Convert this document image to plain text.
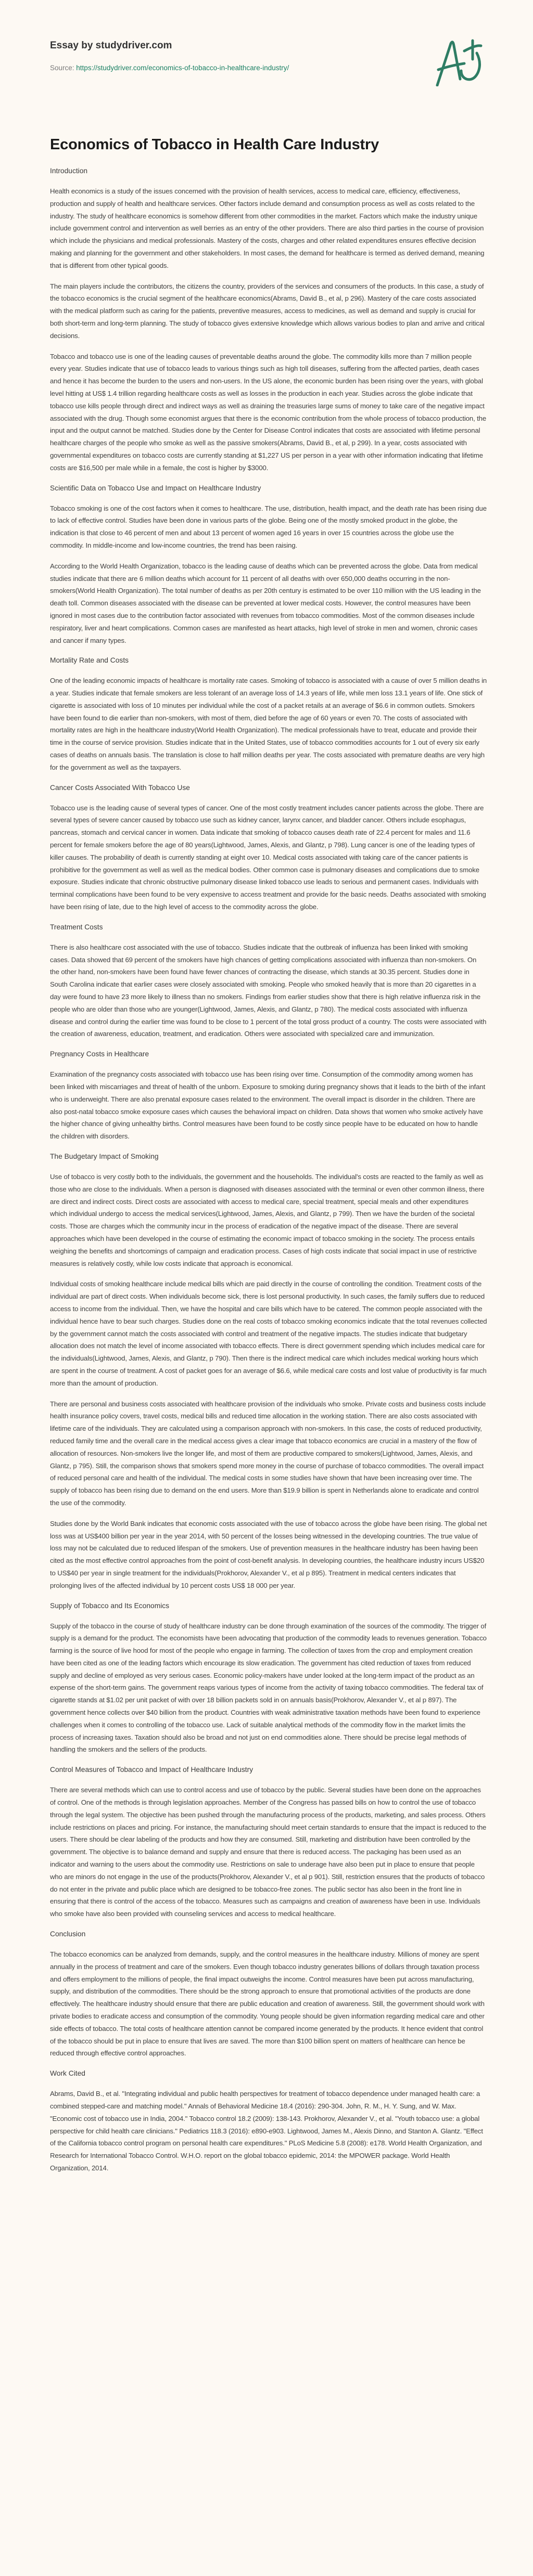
Essay by studydriver.com
Source: https://studydriver.com/economics-of-tobacco-in-healthcare-industry/
Economics of Tobacco in Health Care Industry
Introduction

Health economics is a study of the issues concerned with the provision of health services, access to medical care, efficiency, effectiveness, production and supply of health and healthcare services. Other factors include demand and consumption process as well as costs related to the industry. The study of healthcare economics is somehow different from other commodities in the market. Factors which make the industry unique include government control and intervention as well berries as an entry of the other providers. There are also third parties in the course of provision which include the physicians and medical professionals. Mastery of the costs, charges and other related expenditures ensures effective decision making and planning for the government and other stakeholders. In most cases, the demand for healthcare is termed as derived demand, meaning that is different from other typical goods.

The main players include the contributors, the citizens the country, providers of the services and consumers of the products. In this case, a study of the tobacco economics is the crucial segment of the healthcare economics(Abrams, David B., et al, p 296). Mastery of the care costs associated with the medical platform such as caring for the patients, preventive measures, access to medicines, as well as demand and supply is crucial for both short-term and long-term planning. The study of tobacco gives extensive knowledge which allows various bodies to plan and arrive and critical decisions.

Tobacco and tobacco use is one of the leading causes of preventable deaths around the globe. The commodity kills more than 7 million people every year. Studies indicate that use of tobacco leads to various things such as high toll diseases, suffering from the affected parties, death cases and hence it has become the burden to the users and non-users. In the US alone, the economic burden has been rising over the years, with global level hitting at US$ 1.4 trillion regarding healthcare costs as well as losses in the production in each year. Studies across the globe indicate that tobacco use kills people through direct and indirect ways as well as draining the treasuries large sums of money to take care of the negative impact associated with the drug. Though some economist argues that there is the economic contribution from the whole process of tobacco production, the input and the output cannot be matched. Studies done by the Center for Disease Control indicates that costs are associated with lifetime personal healthcare charges of the people who smoke as well as the passive smokers(Abrams, David B., et al, p 299). In a year, costs associated with governmental expenditures on tobacco costs are currently standing at $1,227 US per person in a year with other information indicating that lifetime costs are $16,500 per male while in a female, the cost is higher by $3000.

Scientific Data on Tobacco Use and Impact on Healthcare Industry

Tobacco smoking is one of the cost factors when it comes to healthcare. The use, distribution, health impact, and the death rate has been rising due to lack of effective control. Studies have been done in various parts of the globe. Being one of the mostly smoked product in the globe, the indication is that close to 46 percent of men and about 13 percent of women aged 16 years in over 15 countries across the globe use the commodity. In middle-income and low-income countries, the trend has been raising.

According to the World Health Organization, tobacco is the leading cause of deaths which can be prevented across the globe. Data from medical studies indicate that there are 6 million deaths which account for 11 percent of all deaths with over 650,000 deaths occurring in the non-smokers(World Health Organization). The total number of deaths as per 20th century is estimated to be over 110 million with the US leading in the death toll. Common diseases associated with the disease can be prevented at lower medical costs. However, the control measures have been ignored in most cases due to the contribution factor associated with revenues from tobacco commodities. Most of the common diseases include respiratory, liver and heart complications. Common cases are manifested as heart attacks, high level of stroke in men and women, chronic cases and cancer if many types.

Mortality Rate and Costs

One of the leading economic impacts of healthcare is mortality rate cases. Smoking of tobacco is associated with a cause of over 5 million deaths in a year. Studies indicate that female smokers are less tolerant of an average loss of 14.3 years of life, while men loss 13.1 years of life. One stick of cigarette is associated with loss of 10 minutes per individual while the cost of a packet retails at an average of $6.6 in common outlets. Smokers have been found to die earlier than non-smokers, with most of them, died before the age of 60 years or even 70. The costs of associated with mortality rates are high in the healthcare industry(World Health Organization). The medical professionals have to treat, educate and provide their time in the course of service provision. Studies indicate that in the United States, use of tobacco commodities accounts for 1 out of every six early cases of deaths on annuals basis. The translation is close to half million deaths per year. The costs associated with premature deaths are very high for the government as well as the taxpayers.

Cancer Costs Associated With Tobacco Use

Tobacco use is the leading cause of several types of cancer. One of the most costly treatment includes cancer patients across the globe. There are several types of severe cancer caused by tobacco use such as kidney cancer, larynx cancer, and bladder cancer. Others include esophagus, pancreas, stomach and cervical cancer in women. Data indicate that smoking of tobacco causes death rate of 22.4 percent for males and 11.6 percent for female smokers before the age of 80 years(Lightwood, James, Alexis, and Glantz, p 798). Lung cancer is one of the leading types of killer causes. The probability of death is currently standing at eight over 10. Medical costs associated with taking care of the cancer patients is prohibitive for the government as well as well as the medical bodies. Other common case is pulmonary diseases and complications due to smoke exposure. Studies indicate that chronic obstructive pulmonary disease linked tobacco use leads to serious and permanent cases. Individuals with terminal complications have been found to be very expensive to access treatment and provide for the basic needs. Deaths associated with smoking have been rising of late, due to the high level of access to the commodity across the globe.

Treatment Costs

There is also healthcare cost associated with the use of tobacco. Studies indicate that the outbreak of influenza has been linked with smoking cases. Data showed that 69 percent of the smokers have high chances of getting complications associated with influenza than non-smokers. On the other hand, non-smokers have been found have fewer chances of contracting the disease, which stands at 30.35 percent. Studies done in South Carolina indicate that earlier cases were closely associated with smoking. People who smoked heavily that is more than 20 cigarettes in a day were found to have 23 more likely to illness than no smokers. Findings from earlier studies show that there is high relative influenza risk in the people who are older than those who are younger(Lightwood, James, Alexis, and Glantz, p 780). The medical costs associated with influenza disease and control during the earlier time was found to be close to 1 percent of the total gross product of a country. The costs were associated with the creation of awareness, education, treatment, and eradication. Others were associated with specialized care and immunization.

Pregnancy Costs in Healthcare

Examination of the pregnancy costs associated with tobacco use has been rising over time. Consumption of the commodity among women has been linked with miscarriages and threat of health of the unborn. Exposure to smoking during pregnancy shows that it leads to the birth of the infant who is underweight. There are also prenatal exposure cases related to the environment. The overall impact is disorder in the children. There are also post-natal tobacco smoke exposure cases which causes the behavioral impact on children. Data shows that women who smoke actively have the higher chance of giving unhealthy births. Control measures have been found to be costly since people have to be educated on how to handle the children with disorders.

The Budgetary Impact of Smoking

Use of tobacco is very costly both to the individuals, the government and the households. The individual's costs are reacted to the family as well as those who are close to the individuals. When a person is diagnosed with diseases associated with the terminal or even other common illness, there are direct and indirect costs. Direct costs are associated with access to medical care, special treatment, special meals and other expenditures which individual undergo to access the medical services(Lightwood, James, Alexis, and Glantz, p 799). Then we have the burden of the societal costs. Those are charges which the community incur in the process of eradication of the negative impact of the disease. There are several approaches which have been developed in the course of estimating the economic impact of tobacco smoking in the society. The process entails weighing the benefits and shortcomings of campaign and eradication process. Cases of high costs indicate that social impact in use of restrictive measures is relatively costly, while low costs indicate that approach is economical.

Individual costs of smoking healthcare include medical bills which are paid directly in the course of controlling the condition. Treatment costs of the individual are part of direct costs. When individuals become sick, there is lost personal productivity. In such cases, the family suffers due to reduced access to income from the individual. Then, we have the hospital and care bills which have to be catered. The common people associated with the individual hence have to bear such charges. Studies done on the real costs of tobacco smoking economics indicate that the total revenues collected by the government cannot match the costs associated with control and treatment of the negative impacts. The studies indicate that budgetary allocation does not match the level of income associated with tobacco effects. There is direct government spending which includes medical care for the individuals(Lightwood, James, Alexis, and Glantz, p 790). Then there is the indirect medical care which includes medical working hours which are spent in the course of treatment. A cost of packet goes for an average of $6.6, while medical care costs and lost value of productivity is far much more than the amount of production.

There are personal and business costs associated with healthcare provision of the individuals who smoke. Private costs and business costs include health insurance policy covers, travel costs, medical bills and reduced time allocation in the working station. There are also costs associated with lifetime care of the individuals. They are calculated using a comparison approach with non-smokers. In this case, the costs of reduced productivity, reduced family time and the overall care in the medical access gives a clear image that tobacco economics are crucial in a mastery of the flow of allocation of resources. Non-smokers live the longer life, and most of them are productive compared to smokers(Lightwood, James, Alexis, and Glantz, p 795). Still, the comparison shows that smokers spend more money in the course of purchase of tobacco commodities. The overall impact of reduced personal care and health of the individual. The medical costs in some studies have shown that have been increasing over time. The supply of tobacco has been rising due to demand on the end users. More than $19.9 billion is spent in Netherlands alone to eradicate and control the use of the commodity.

Studies done by the World Bank indicates that economic costs associated with the use of tobacco across the globe have been rising. The global net loss was at US$400 billion per year in the year 2014, with 50 percent of the losses being witnessed in the developing countries. The true value of loss may not be calculated due to reduced lifespan of the smokers. Use of prevention measures in the healthcare industry has been having been cited as the most effective control approaches from the point of cost-benefit analysis. In developing countries, the healthcare industry incurs US$20 to US$40 per year in single treatment for the individuals(Prokhorov, Alexander V., et al p 895). Treatment in medical centers indicates that prolonging lives of the affected individual by 10 percent costs US$ 18 000 per year.

Supply of Tobacco and Its Economics

Supply of the tobacco in the course of study of healthcare industry can be done through examination of the sources of the commodity. The trigger of supply is a demand for the product. The economists have been advocating that production of the commodity leads to revenues generation. Tobacco farming is the source of live hood for most of the people who engage in farming. The collection of taxes from the crop and employment creation have been cited as one of the leading factors which encourage its slow eradication. The government has cited reduction of taxes from reduced supply and decline of employed as very serious cases. Economic policy-makers have under looked at the long-term impact of the product as an expense of the short-term gains. The government reaps various types of income from the activity of taxing tobacco commodities. The federal tax of cigarette stands at $1.02 per unit packet of with over 18 billion packets sold in on annuals basis(Prokhorov, Alexander V., et al p 897). The government hence collects over $40 billion from the product. Countries with weak administrative taxation methods have been found to experience challenges when it comes to controlling of the tobacco use. Lack of suitable analytical methods of the commodity flow in the market limits the process of increasing taxes. Taxation should also be broad and not just on end commodities alone. There should be precise legal methods of handling the smokers and the sellers of the products.

Control Measures of Tobacco and Impact of Healthcare Industry

There are several methods which can use to control access and use of tobacco by the public. Several studies have been done on the approaches of control. One of the methods is through legislation approaches. Member of the Congress has passed bills on how to control the use of tobacco through the legal system. The objective has been pushed through the manufacturing process of the products, marketing, and sales process. Others include restrictions on places and pricing. For instance, the manufacturing should meet certain standards to ensure that the impact is reduced to the users. There should be clear labeling of the products and how they are consumed. Still, marketing and distribution have been controlled by the government. The objective is to balance demand and supply and ensure that there is reduced access. The packaging has been used as an indicator and warning to the users about the commodity use. Restrictions on sale to underage have also been put in place to ensure that people who are minors do not engage in the use of the products(Prokhorov, Alexander V., et al p 901). Still, restriction ensures that the products of tobacco do not enter in the private and public place which are designed to be tobacco-free zones. The public sector has also been in the front line in ensuring that there is control of the access of the tobacco. Measures such as campaigns and creation of awareness have been in use. Individuals who smoke have also been provided with counseling services and access to medical healthcare.

Conclusion

The tobacco economics can be analyzed from demands, supply, and the control measures in the healthcare industry. Millions of money are spent annually in the process of treatment and care of the smokers. Even though tobacco industry generates billions of dollars through taxation process and offers employment to the millions of people, the final impact outweighs the income. Control measures have been put across manufacturing, supply, and distribution of the commodities. There should be the strong approach to ensure that promotional activities of the products are done effectively. The healthcare industry should ensure that there are public education and creation of awareness. Still, the government should work with private bodies to eradicate access and consumption of the commodity. Young people should be given information regarding medical care and other side effects of tobacco. The total costs of healthcare attention cannot be compared income generated by the products. It hence evident that control of the tobacco should be put in place to ensure that lives are saved. The more than $100 billion spent on matters of healthcare can hence be reduced through effective control approaches.

Work Cited

Abrams, David B., et al. "Integrating individual and public health perspectives for treatment of tobacco dependence under managed health care: a combined stepped-care and matching model." Annals of Behavioral Medicine 18.4 (2016): 290-304. John, R. M., H. Y. Sung, and W. Max. "Economic cost of tobacco use in India, 2004." Tobacco control 18.2 (2009): 138-143. Prokhorov, Alexander V., et al. "Youth tobacco use: a global perspective for child health care clinicians." Pediatrics 118.3 (2016): e890-e903. Lightwood, James M., Alexis Dinno, and Stanton A. Glantz. "Effect of the California tobacco control program on personal health care expenditures." PLoS Medicine 5.8 (2008): e178. World Health Organization, and Research for International Tobacco Control. W.H.O. report on the global tobacco epidemic, 2014: the MPOWER package. World Health Organization, 2014.
